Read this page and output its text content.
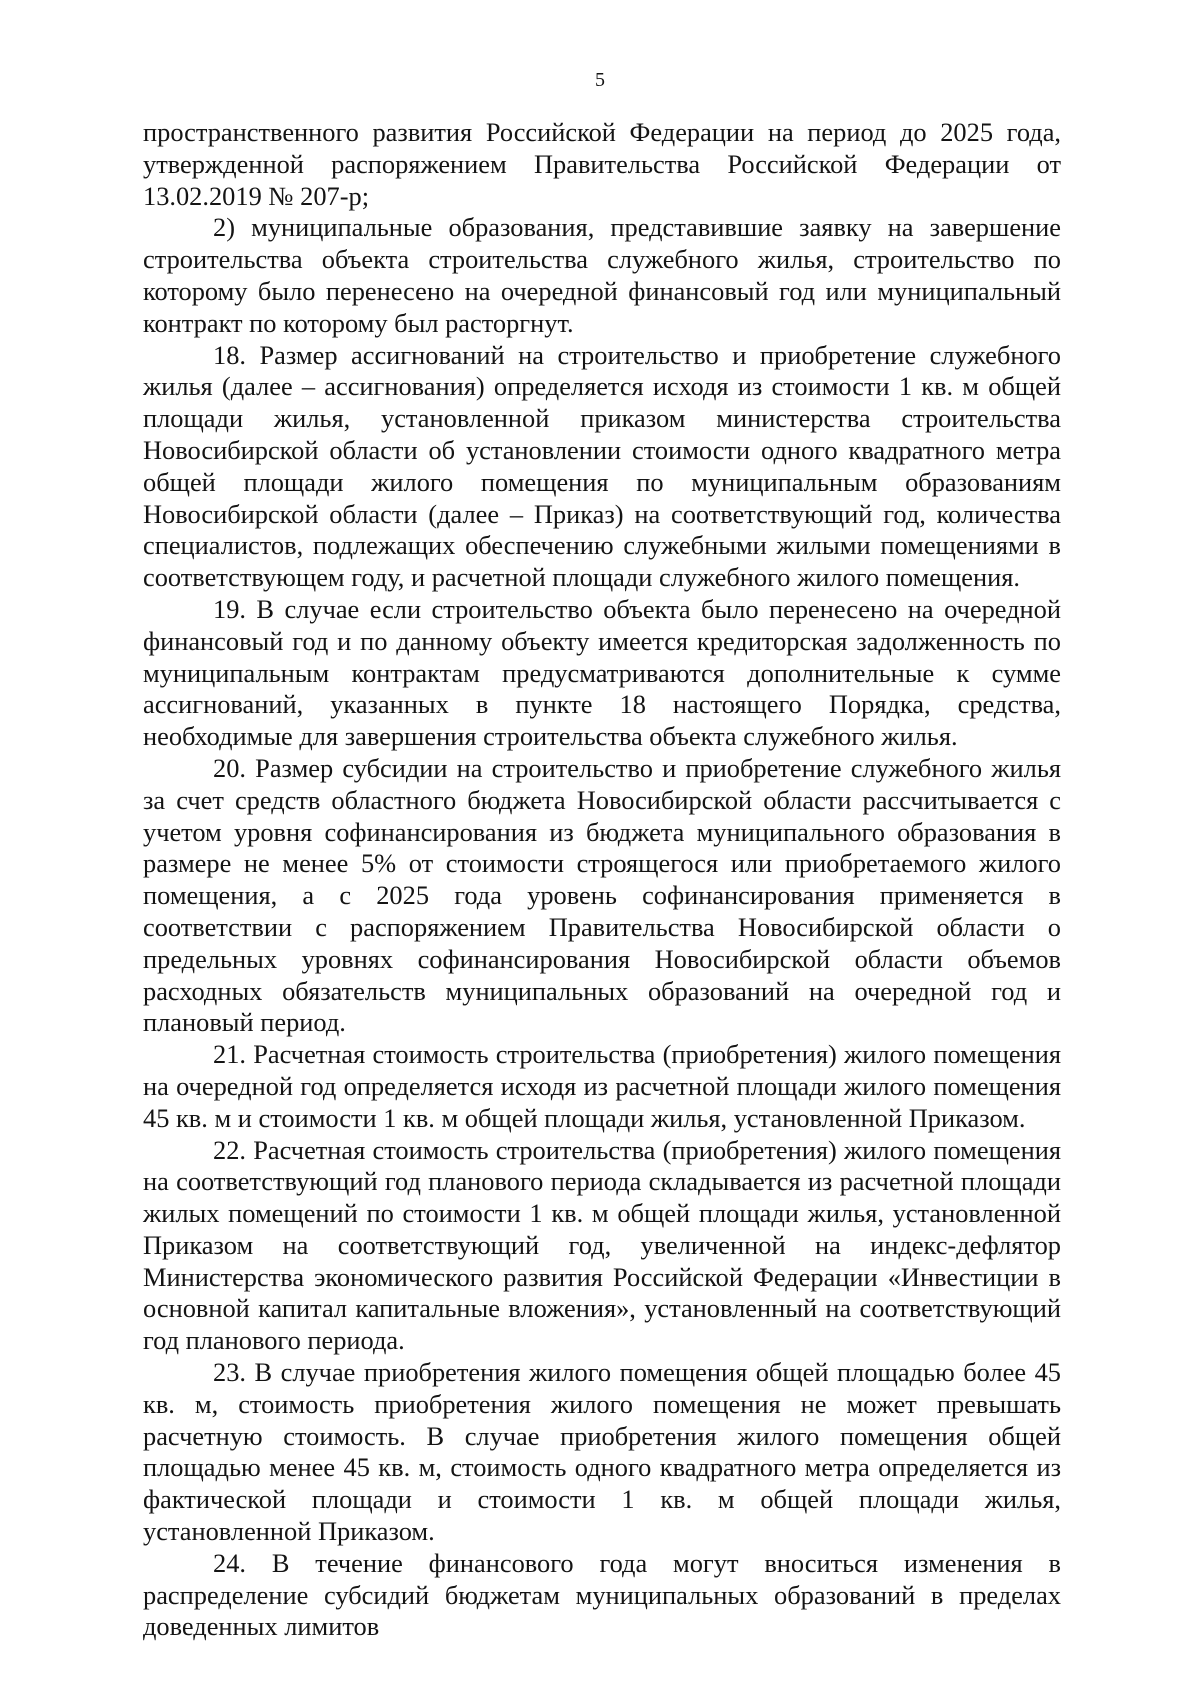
5

пространственного развития Российской Федерации на период до 2025 года, утвержденной распоряжением Правительства Российской Федерации от 13.02.2019 № 207-р;

2) муниципальные образования, представившие заявку на завершение строительства объекта строительства служебного жилья, строительство по которому было перенесено на очередной финансовый год или муниципальный контракт по которому был расторгнут.

18. Размер ассигнований на строительство и приобретение служебного жилья (далее – ассигнования) определяется исходя из стоимости 1 кв. м общей площади жилья, установленной приказом министерства строительства Новосибирской области об установлении стоимости одного квадратного метра общей площади жилого помещения по муниципальным образованиям Новосибирской области (далее – Приказ) на соответствующий год, количества специалистов, подлежащих обеспечению служебными жилыми помещениями в соответствующем году, и расчетной площади служебного жилого помещения.

19. В случае если строительство объекта было перенесено на очередной финансовый год и по данному объекту имеется кредиторская задолженность по муниципальным контрактам предусматриваются дополнительные к сумме ассигнований, указанных в пункте 18 настоящего Порядка, средства, необходимые для завершения строительства объекта служебного жилья.

20. Размер субсидии на строительство и приобретение служебного жилья за счет средств областного бюджета Новосибирской области рассчитывается с учетом уровня софинансирования из бюджета муниципального образования в размере не менее 5% от стоимости строящегося или приобретаемого жилого помещения, а с 2025 года уровень софинансирования применяется в соответствии с распоряжением Правительства Новосибирской области о предельных уровнях софинансирования Новосибирской области объемов расходных обязательств муниципальных образований на очередной год и плановый период.

21. Расчетная стоимость строительства (приобретения) жилого помещения на очередной год определяется исходя из расчетной площади жилого помещения 45 кв. м и стоимости 1 кв. м общей площади жилья, установленной Приказом.

22. Расчетная стоимость строительства (приобретения) жилого помещения на соответствующий год планового периода складывается из расчетной площади жилых помещений по стоимости 1 кв. м общей площади жилья, установленной Приказом на соответствующий год, увеличенной на индекс-дефлятор Министерства экономического развития Российской Федерации «Инвестиции в основной капитал капитальные вложения», установленный на соответствующий год планового периода.

23. В случае приобретения жилого помещения общей площадью более 45 кв. м, стоимость приобретения жилого помещения не может превышать расчетную стоимость. В случае приобретения жилого помещения общей площадью менее 45 кв. м, стоимость одного квадратного метра определяется из фактической площади и стоимости 1 кв. м общей площади жилья, установленной Приказом.

24. В течение финансового года могут вноситься изменения в распределение субсидий бюджетам муниципальных образований в пределах доведенных лимитов
